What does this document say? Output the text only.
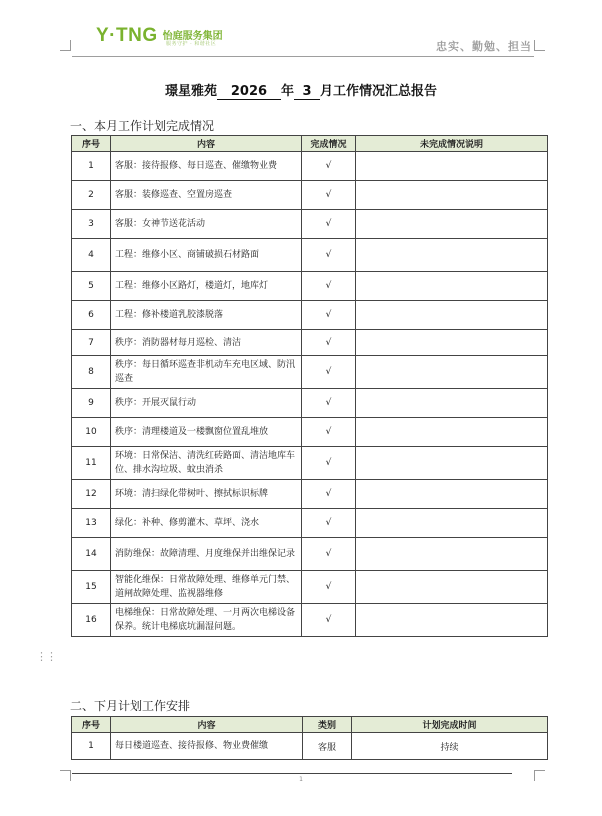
Y·TNG 怡庭服务集团
服务守护 · 和谐社区	忠实、勤勉、担当
璟星雅苑 2026 年 3 月工作情况汇总报告
一、本月工作计划完成情况
序号	内容	完成情况	未完成情况说明
1	客服：接待报修、每日巡查、催缴物业费	√	
2	客服：装修巡查、空置房巡查	√	
3	客服：女神节送花活动	√	
4	工程：维修小区、商铺破损石材路面	√	
5	工程：维修小区路灯，楼道灯，地库灯	√	
6	工程：修补楼道乳胶漆脱落	√	
7	秩序：消防器材每月巡检、清洁	√	
8	秩序：每日循环巡查非机动车充电区域、防汛巡查	√	
9	秩序：开展灭鼠行动	√	
10	秩序：清理楼道及一楼飘窗位置乱堆放	√	
11	环境：日常保洁、清洗红砖路面、清洁地库车位、排水沟垃圾、蚊虫消杀	√	
12	环境：清扫绿化带树叶、擦拭标识标牌	√	
13	绿化：补种、修剪灌木、草坪、浇水	√	
14	消防维保：故障清理、月度维保并出维保记录	√	
15	智能化维保：日常故障处理、维修单元门禁、道闸故障处理、监视器维修	√	
16	电梯维保：日常故障处理、一月两次电梯设备保养。统计电梯底坑漏湿问题。	√	
⋮⋮
二、下月计划工作安排
序号	内容	类别	计划完成时间
1	每日楼道巡查、接待报修、物业费催缴	客服	持续
1
